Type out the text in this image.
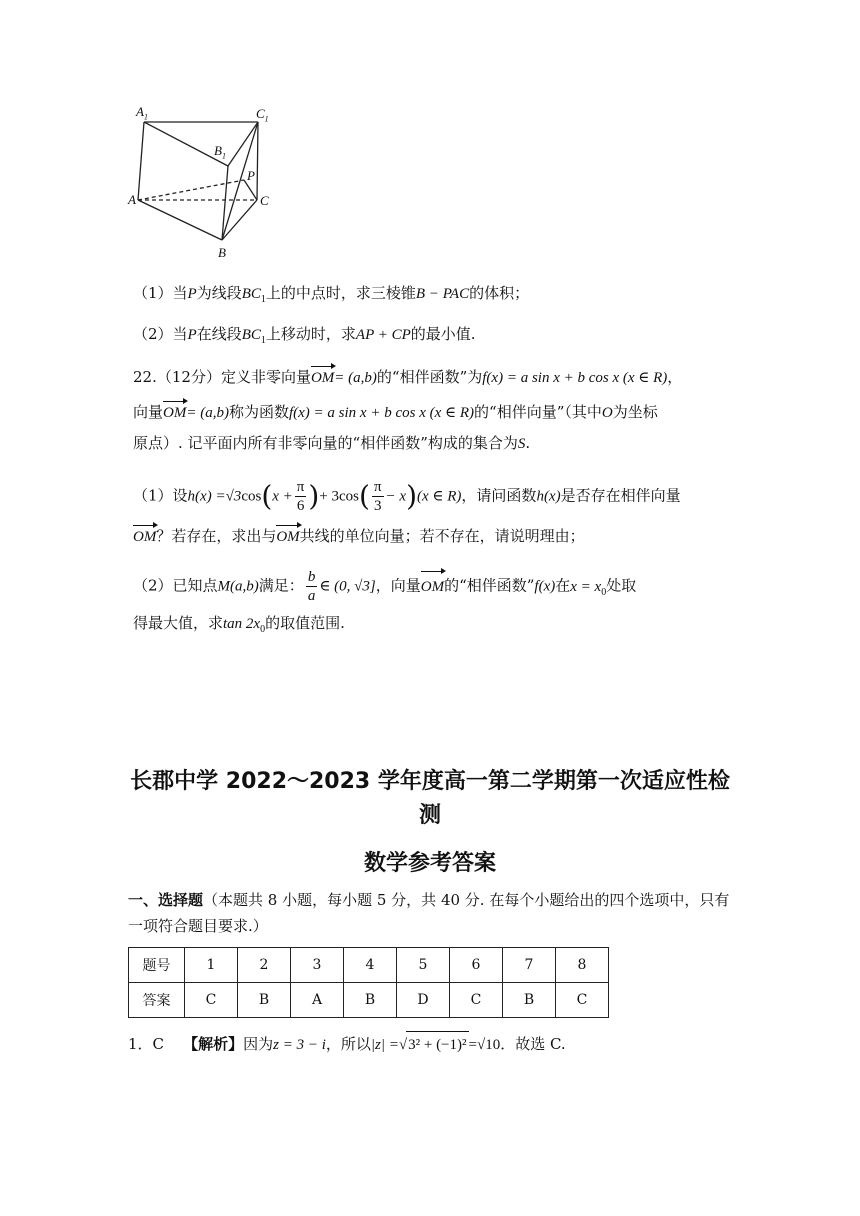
$A_1$	$C_1$
$B_1$
P
A	C
B
（1）当P为线段$BC_1$上的中点时，求三棱锥B − PAC的体积；
（2）当P在线段$BC_1$上移动时，求AP + CP的最小值.
22.（12分）定义非零向量OM= (a,b)的“相伴函数”为f(x) = a sin x + b cos x (x ∈ R)，
向量OM= (a,b)称为函数f(x) = a sin x + b cos x (x ∈ R)的“相伴向量”（其中O为坐标
原点）. 记平面内所有非零向量的“相伴函数”构成的集合为S.
（1）设$h(x) =√3\cos(x + \frac{\pi}{6}$ )+ $3\cos( \frac{\pi}{3} - x)(x$ ∈ R)，请问函数h(x)是否存在相伴向量
OM？若存在，求出与OM共线的单位向量；若不存在，请说明理由；
（2）已知点M(a,b)满足： $\frac{b}{a}$ ∈ (0, √3]，向量OM的“相伴函数”f(x)在$x = x_0$处取
得最大值，求$\tan 2x_0$的取值范围.
长郡中学 2022～2023 学年度高一第二学期第一次适应性检
测
数学参考答案
一、选择题（本题共 8 小题，每小题 5 分，共 40 分. 在每个小题给出的四个选项中，只有
一项符合题目要求.）
题号	1	2	3	4	5	6	7	8
答案	C	B	A	B	D	C	B	C
1．C 【解析】因为z = 3 − i，所以|z| =√3² + (−1)² =√10．故选 C.
